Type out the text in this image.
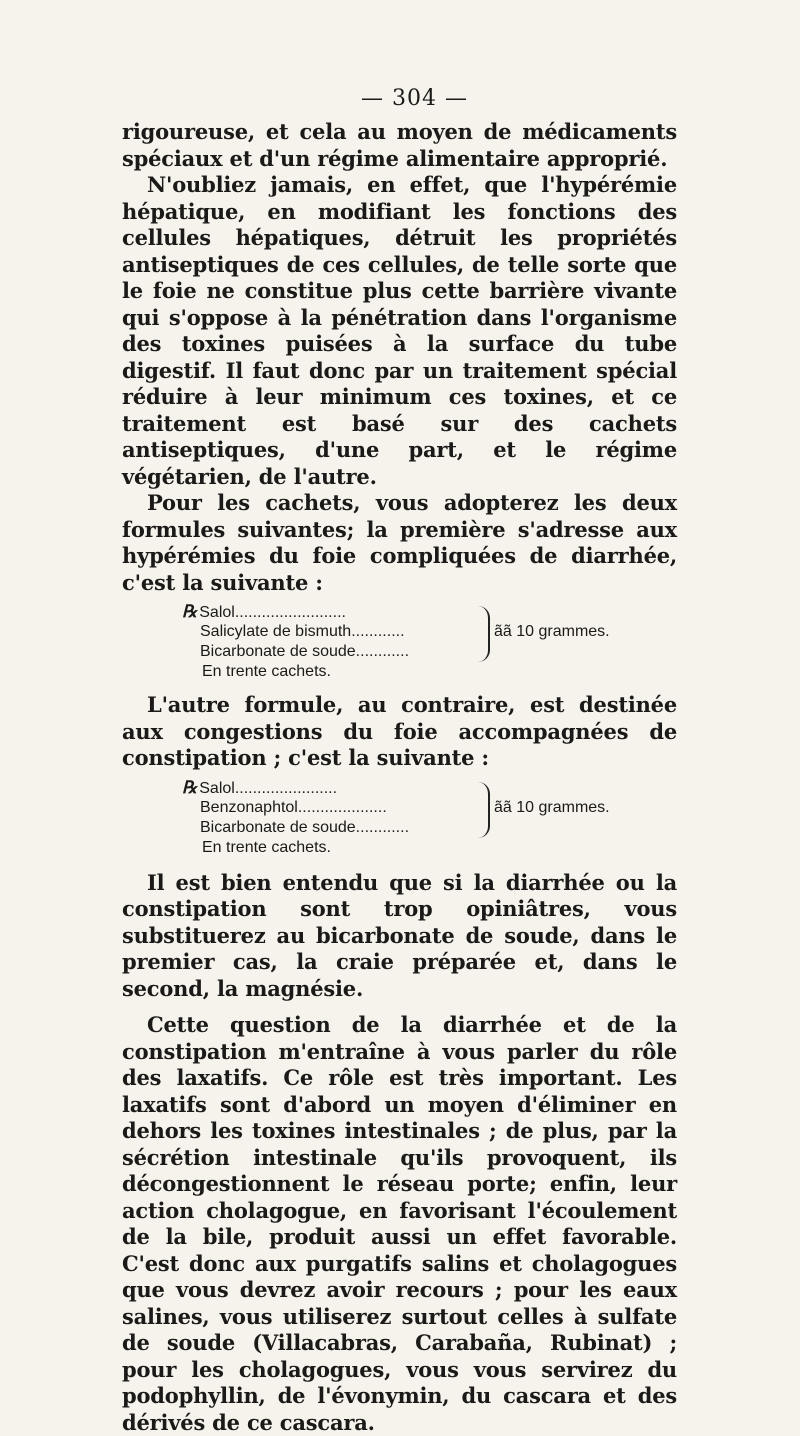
— 304 —

rigoureuse, et cela au moyen de médicaments spéciaux et d'un régime alimentaire approprié.

N'oubliez jamais, en effet, que l'hypérémie hépatique, en modifiant les fonctions des cellules hépatiques, détruit les propriétés antiseptiques de ces cellules, de telle sorte que le foie ne constitue plus cette barrière vivante qui s'oppose à la pénétration dans l'organisme des toxines puisées à la surface du tube digestif. Il faut donc par un traitement spécial réduire à leur minimum ces toxines, et ce traitement est basé sur des cachets antiseptiques, d'une part, et le régime végétarien, de l'autre.

Pour les cachets, vous adopterez les deux formules suivantes; la première s'adresse aux hypérémies du foie compliquées de diarrhée, c'est la suivante :

℞ Salol.........................
Salicylate de bismuth............
Bicarbonate de soude............
ãã 10 grammes.
En trente cachets.

L'autre formule, au contraire, est destinée aux congestions du foie accompagnées de constipation ; c'est la suivante :

℞ Salol.......................
Benzonaphtol....................
Bicarbonate de soude............
ãã 10 grammes.
En trente cachets.

Il est bien entendu que si la diarrhée ou la constipation sont trop opiniâtres, vous substituerez au bicarbonate de soude, dans le premier cas, la craie préparée et, dans le second, la magnésie.

Cette question de la diarrhée et de la constipation m'entraîne à vous parler du rôle des laxatifs. Ce rôle est très important. Les laxatifs sont d'abord un moyen d'éliminer en dehors les toxines intestinales ; de plus, par la sécrétion intestinale qu'ils provoquent, ils décongestionnent le réseau porte; enfin, leur action cholagogue, en favorisant l'écoulement de la bile, produit aussi un effet favorable. C'est donc aux purgatifs salins et cholagogues que vous devrez avoir recours ; pour les eaux salines, vous utiliserez surtout celles à sulfate de soude (Villacabras, Carabaña, Rubinat) ; pour les cholagogues, vous vous servirez du podophyllin, de l'évonymin, du cascara et des dérivés de ce cascara.
